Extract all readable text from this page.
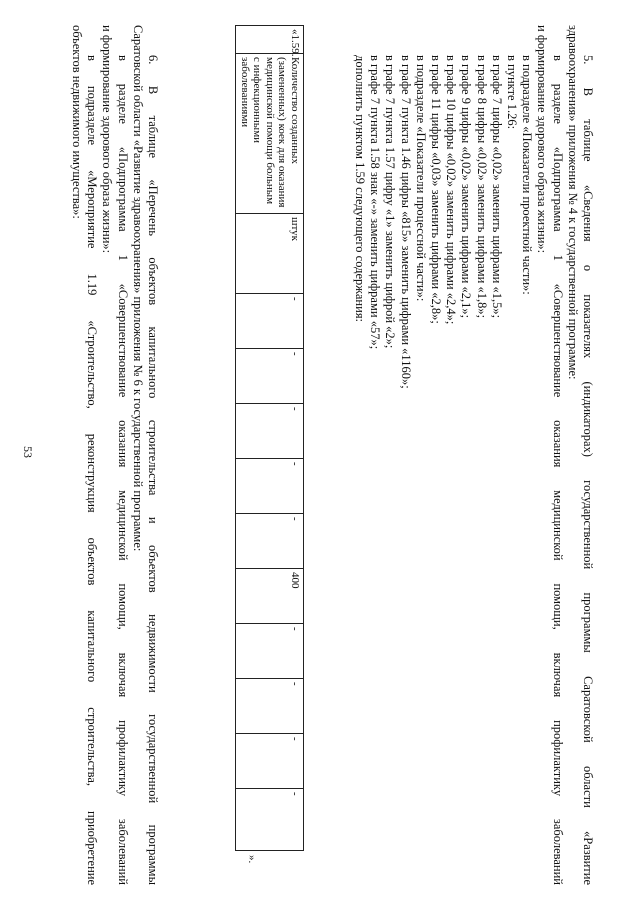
53	5. В таблице «Сведения о показателях (индикаторах) государственной программы Саратовской области «Развитие

здравоохранения» приложения № 4 к государственной программе:

в разделе «Подпрограмма 1 «Совершенствование оказания медицинской помощи, включая профилактику заболеваний

и формирование здорового образа жизни»:

в подразделе «Показатели проектной части»:

в пункте 1.26:

в графе 7 цифры «0,02» заменить цифрами «1,5»;

в графе 8 цифры «0,02» заменить цифрами «1,8»;

в графе 9 цифры «0,02» заменить цифрами «2,1»;

в графе 10 цифры «0,02» заменить цифрами «2,4»;

в графе 11 цифры «0,03» заменить цифрами «2,8»;

в подразделе «Показатели процессной части»:

в графе 7 пункта 1.46 цифры «815» заменить цифрами «1160»;

в графе 7 пункта 1.57 цифру «1» заменить цифрой «2»;

в графе 7 пункта 1.58 знак «-» заменить цифрами «57»;

дополнить пунктом 1.59 следующего содержания:

«1.59.	Количество созданных (замененных) коек для оказания медицинской помощи больным с инфекционными заболеваниями	штук	-	-	-	-	-	400	-	-	-	-
».

6. В таблице «Перечень объектов капитального строительства и объектов недвижимости государственной программы

Саратовской области «Развитие здравоохранения» приложения № 6 к государственной программе:

в разделе «Подпрограмма 1 «Совершенствование оказания медицинской помощи, включая профилактику заболеваний

и формирование здорового образа жизни»:

в подразделе «Мероприятие 1.19 «Строительство, реконструкция объектов капитального строительства, приобретение

объектов недвижимого имущества»:
